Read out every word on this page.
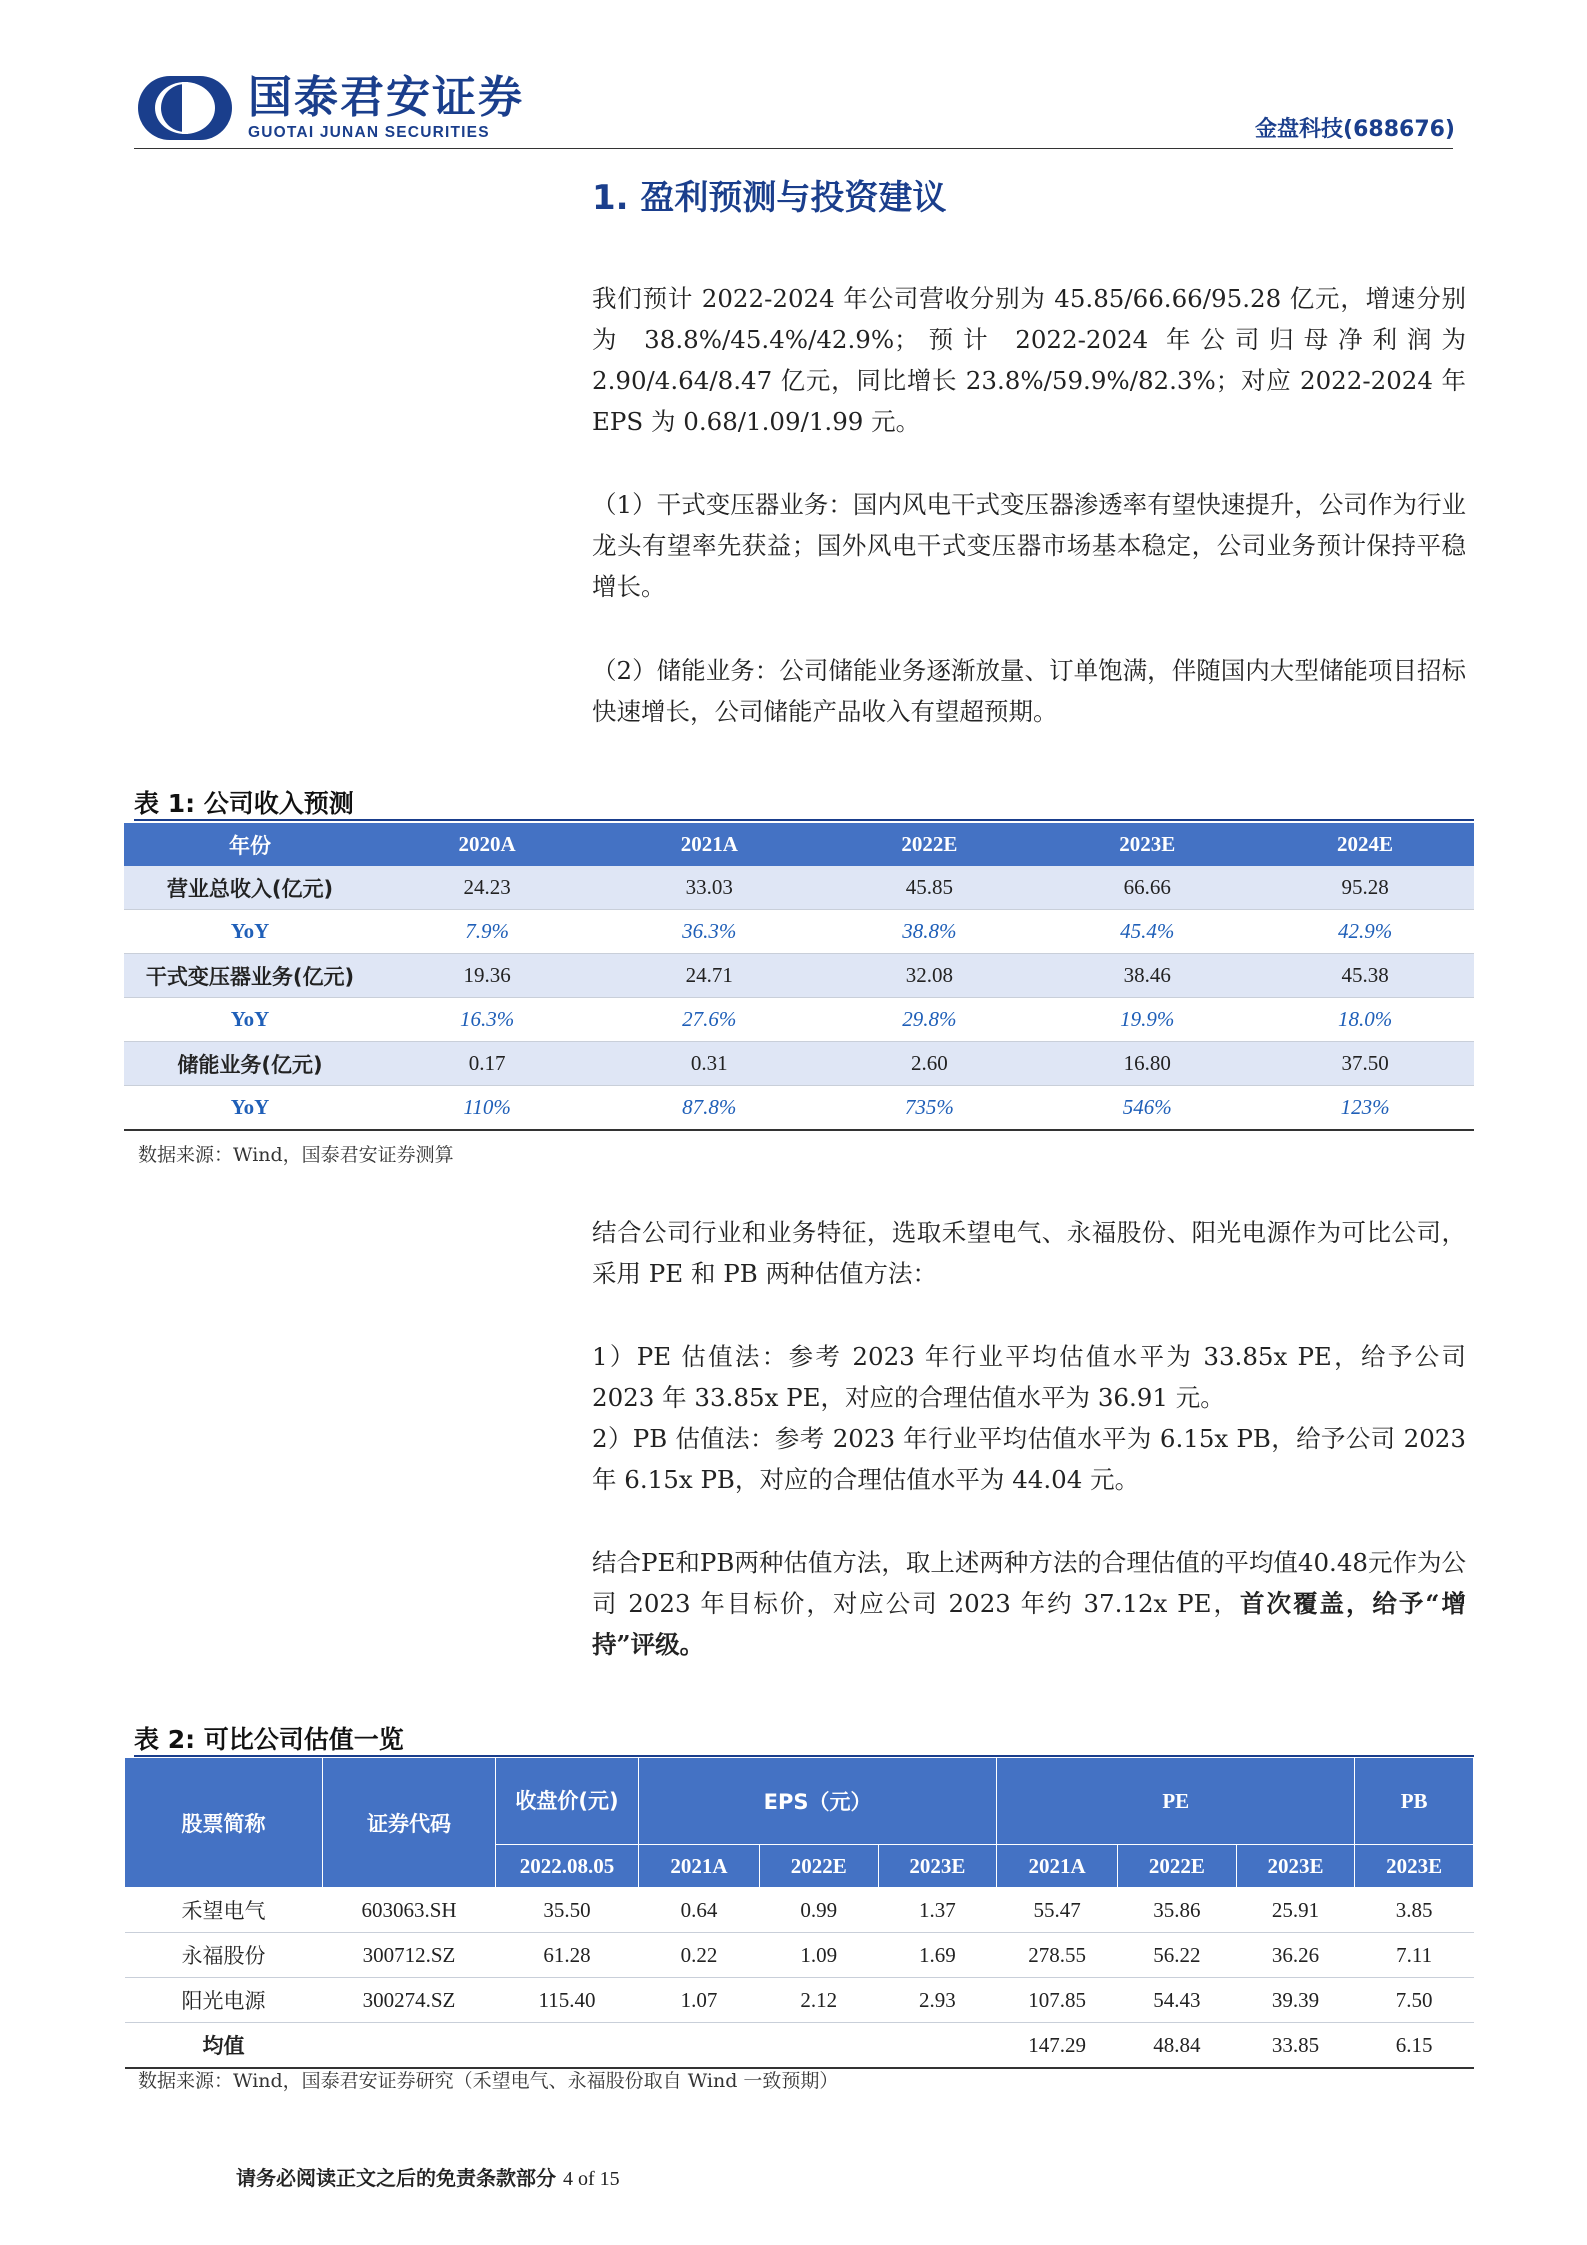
国泰君安证券
GUOTAI JUNAN SECURITIES	金盘科技(688676)
1. 盈利预测与投资建议
我们预计 2022-2024 年公司营收分别为 45.85/66.66/95.28 亿元，增速分别为 38.8%/45.4%/42.9%；预计 2022-2024 年公司归母净利润为 2.90/4.64/8.47 亿元，同比增长 23.8%/59.9%/82.3%；对应 2022-2024 年 EPS 为 0.68/1.09/1.99 元。
（1）干式变压器业务：国内风电干式变压器渗透率有望快速提升，公司作为行业龙头有望率先获益；国外风电干式变压器市场基本稳定，公司业务预计保持平稳增长。
（2）储能业务：公司储能业务逐渐放量、订单饱满，伴随国内大型储能项目招标快速增长，公司储能产品收入有望超预期。
表 1: 公司收入预测
年份	2020A	2021A	2022E	2023E	2024E
营业总收入(亿元)	24.23	33.03	45.85	66.66	95.28
YoY	7.9%	36.3%	38.8%	45.4%	42.9%
干式变压器业务(亿元)	19.36	24.71	32.08	38.46	45.38
YoY	16.3%	27.6%	29.8%	19.9%	18.0%
储能业务(亿元)	0.17	0.31	2.60	16.80	37.50
YoY	110%	87.8%	735%	546%	123%
数据来源：Wind，国泰君安证券测算
结合公司行业和业务特征，选取禾望电气、永福股份、阳光电源作为可比公司，采用 PE 和 PB 两种估值方法：
1）PE 估值法：参考 2023 年行业平均估值水平为 33.85x PE，给予公司 2023 年 33.85x PE，对应的合理估值水平为 36.91 元。
2）PB 估值法：参考 2023 年行业平均估值水平为 6.15x PB，给予公司 2023 年 6.15x PB，对应的合理估值水平为 44.04 元。
结合PE和PB两种估值方法，取上述两种方法的合理估值的平均值40.48元作为公司 2023 年目标价，对应公司 2023 年约 37.12x PE，首次覆盖，给予“增持”评级。
表 2: 可比公司估值一览
股票简称	证券代码	收盘价(元)	EPS（元）			PE			PB
		2022.08.05	2021A	2022E	2023E	2021A	2022E	2023E	2023E
禾望电气	603063.SH	35.50	0.64	0.99	1.37	55.47	35.86	25.91	3.85
永福股份	300712.SZ	61.28	0.22	1.09	1.69	278.55	56.22	36.26	7.11
阳光电源	300274.SZ	115.40	1.07	2.12	2.93	107.85	54.43	39.39	7.50
均值						147.29	48.84	33.85	6.15
数据来源：Wind，国泰君安证券研究（禾望电气、永福股份取自 Wind 一致预期）
请务必阅读正文之后的免责条款部分 4 of 15
